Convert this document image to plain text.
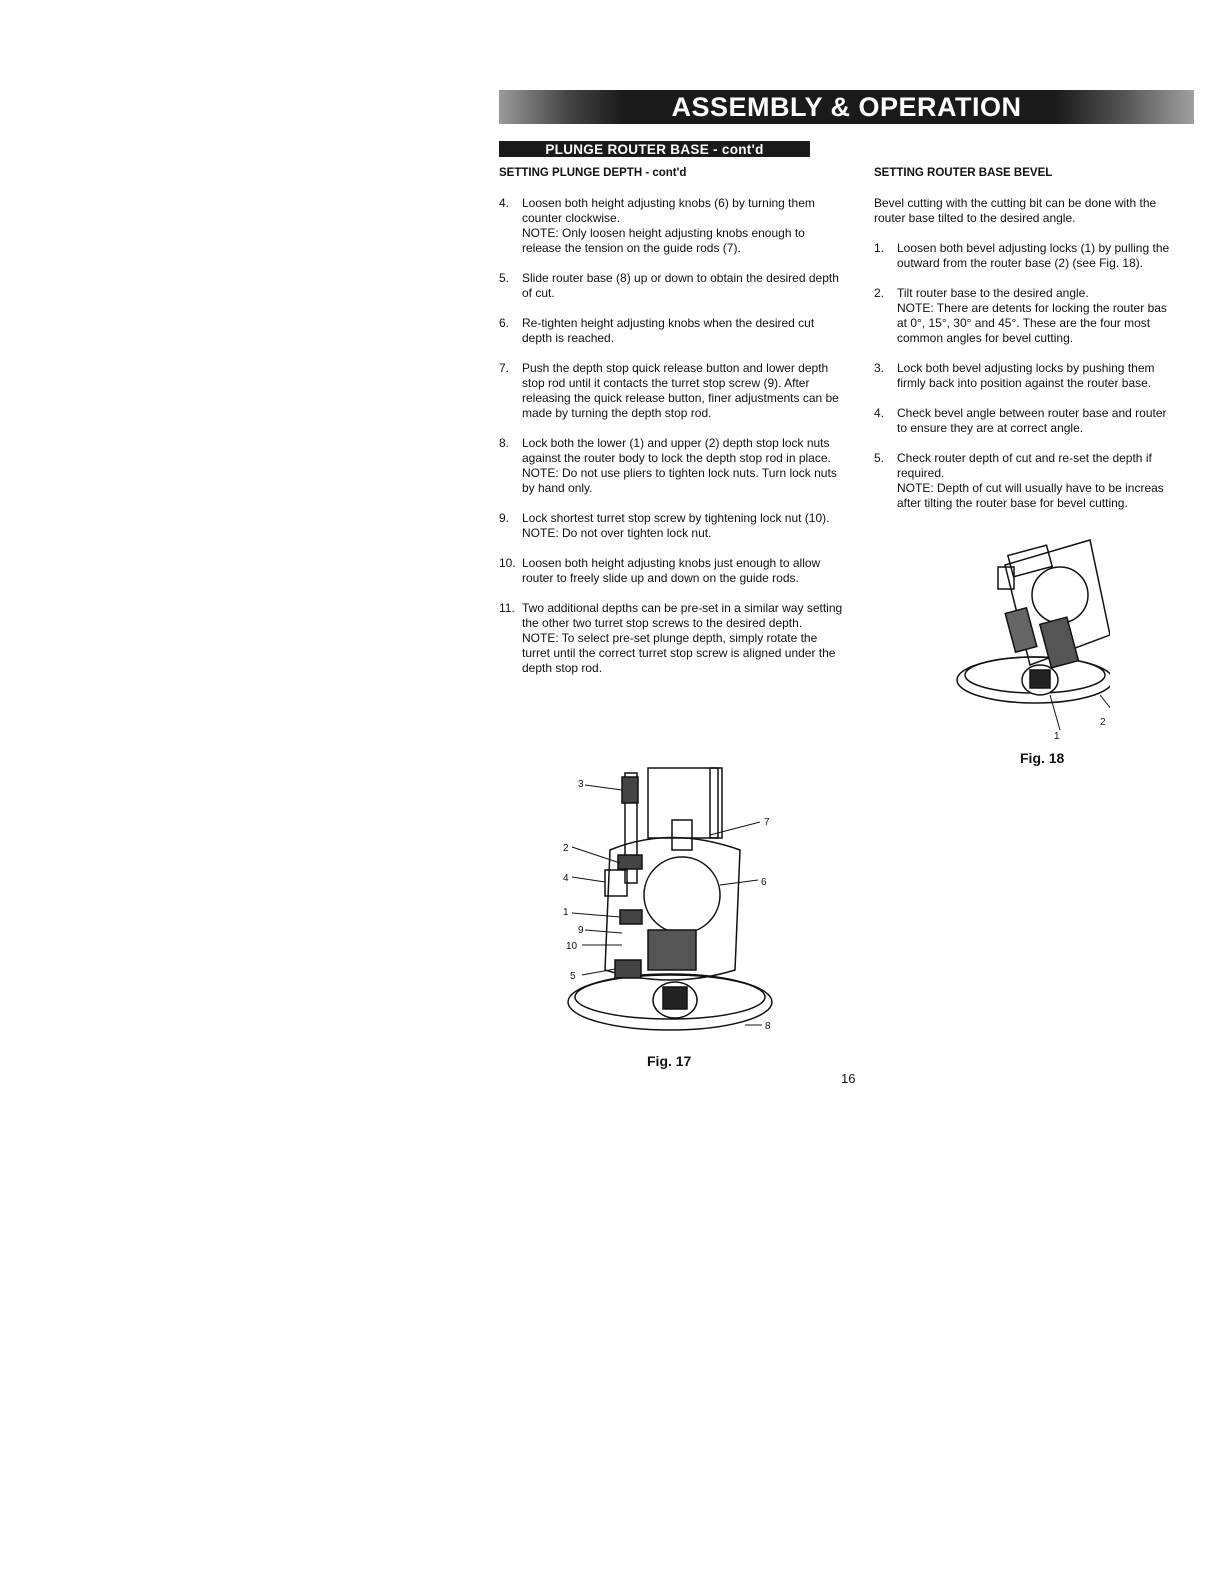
ASSEMBLY & OPERATION
PLUNGE ROUTER BASE - cont'd
SETTING PLUNGE DEPTH - cont'd
4.	Loosen both height adjusting knobs (6) by turning them counter clockwise.
NOTE: Only loosen height adjusting knobs enough to release the tension on the guide rods (7).
5.	Slide router base (8) up or down to obtain the desired depth of cut.
6.	Re-tighten height adjusting knobs when the desired cut depth is reached.
7.	Push the depth stop quick release button and lower depth stop rod until it contacts the turret stop screw (9). After releasing the quick release button, finer adjustments can be made by turning the depth stop rod.
8.	Lock both the lower (1) and upper (2) depth stop lock nuts against the router body to lock the depth stop rod in place.
NOTE: Do not use pliers to tighten lock nuts. Turn lock nuts by hand only.
9.	Lock shortest turret stop screw by tightening lock nut (10).
NOTE: Do not over tighten lock nut.
10. Loosen both height adjusting knobs just enough to allow router to freely slide up and down on the guide rods.
11. Two additional depths can be pre-set in a similar way setting the other two turret stop screws to the desired depth.
NOTE: To select pre-set plunge depth, simply rotate the turret until the correct turret stop screw is aligned under the depth stop rod.
SETTING ROUTER BASE BEVEL

Bevel cutting with the cutting bit can be done with the
router base tilted to the desired angle.

1.	Loosen both bevel adjusting locks (1) by pulling the
outward from the router base (2) (see Fig. 18).
2.	Tilt router base to the desired angle.
NOTE: There are detents for locking the router bas
at 0°, 15°, 30° and 45°. These are the four most
common angles for bevel cutting.
3.	Lock both bevel adjusting locks by pushing them
firmly back into position against the router base.
4.	Check bevel angle between router base and router
to ensure they are at correct angle.
5.	Check router depth of cut and re-set the depth if
required.
NOTE: Depth of cut will usually have to be increas
after tilting the router base for bevel cutting.
3
7
2
4	6
1
9
10
5
8
Fig. 17
1
2
Fig. 18
16
